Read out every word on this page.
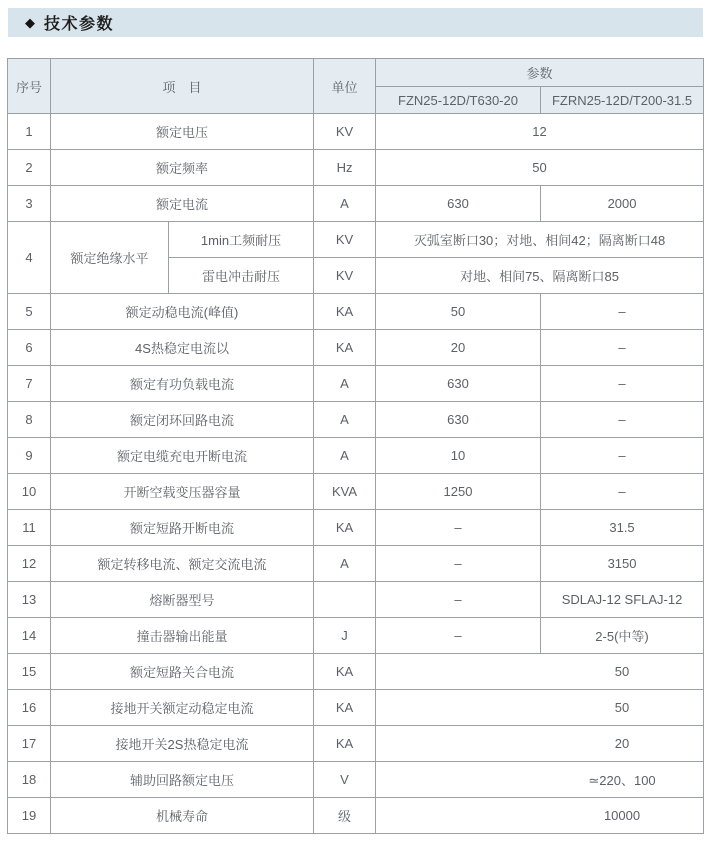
◆ 技术参数
序号	项　目		单位	参数	
				FZN25-12D/T630-20	FZRN25-12D/T200-31.5
1	额定电压		KV	12	
2	额定频率		Hz	50	
3	额定电流		A	630	2000
4	额定绝缘水平	1min工频耐压	KV	灭弧室断口30；对地、相间42；隔离断口48	
		雷电冲击耐压	KV	对地、相间75、隔离断口85	
5	额定动稳电流(峰值)		KA	50	–
6	4S热稳定电流以		KA	20	–
7	额定有功负载电流		A	630	–
8	额定闭环回路电流		A	630	–
9	额定电缆充电开断电流		A	10	–
10	开断空载变压器容量		KVA	1250	–
11	额定短路开断电流		KA	–	31.5
12	额定转移电流、额定交流电流		A	–	3150
13	熔断器型号			–	SDLAJ-12 SFLAJ-12
14	撞击器输出能量		J	–	2-5(中等)
15	额定短路关合电流		KA	50	
16	接地开关额定动稳定电流		KA	50	
17	接地开关2S热稳定电流		KA	20	
18	辅助回路额定电压		V	≃220、100	
19	机械寿命		级	10000	
